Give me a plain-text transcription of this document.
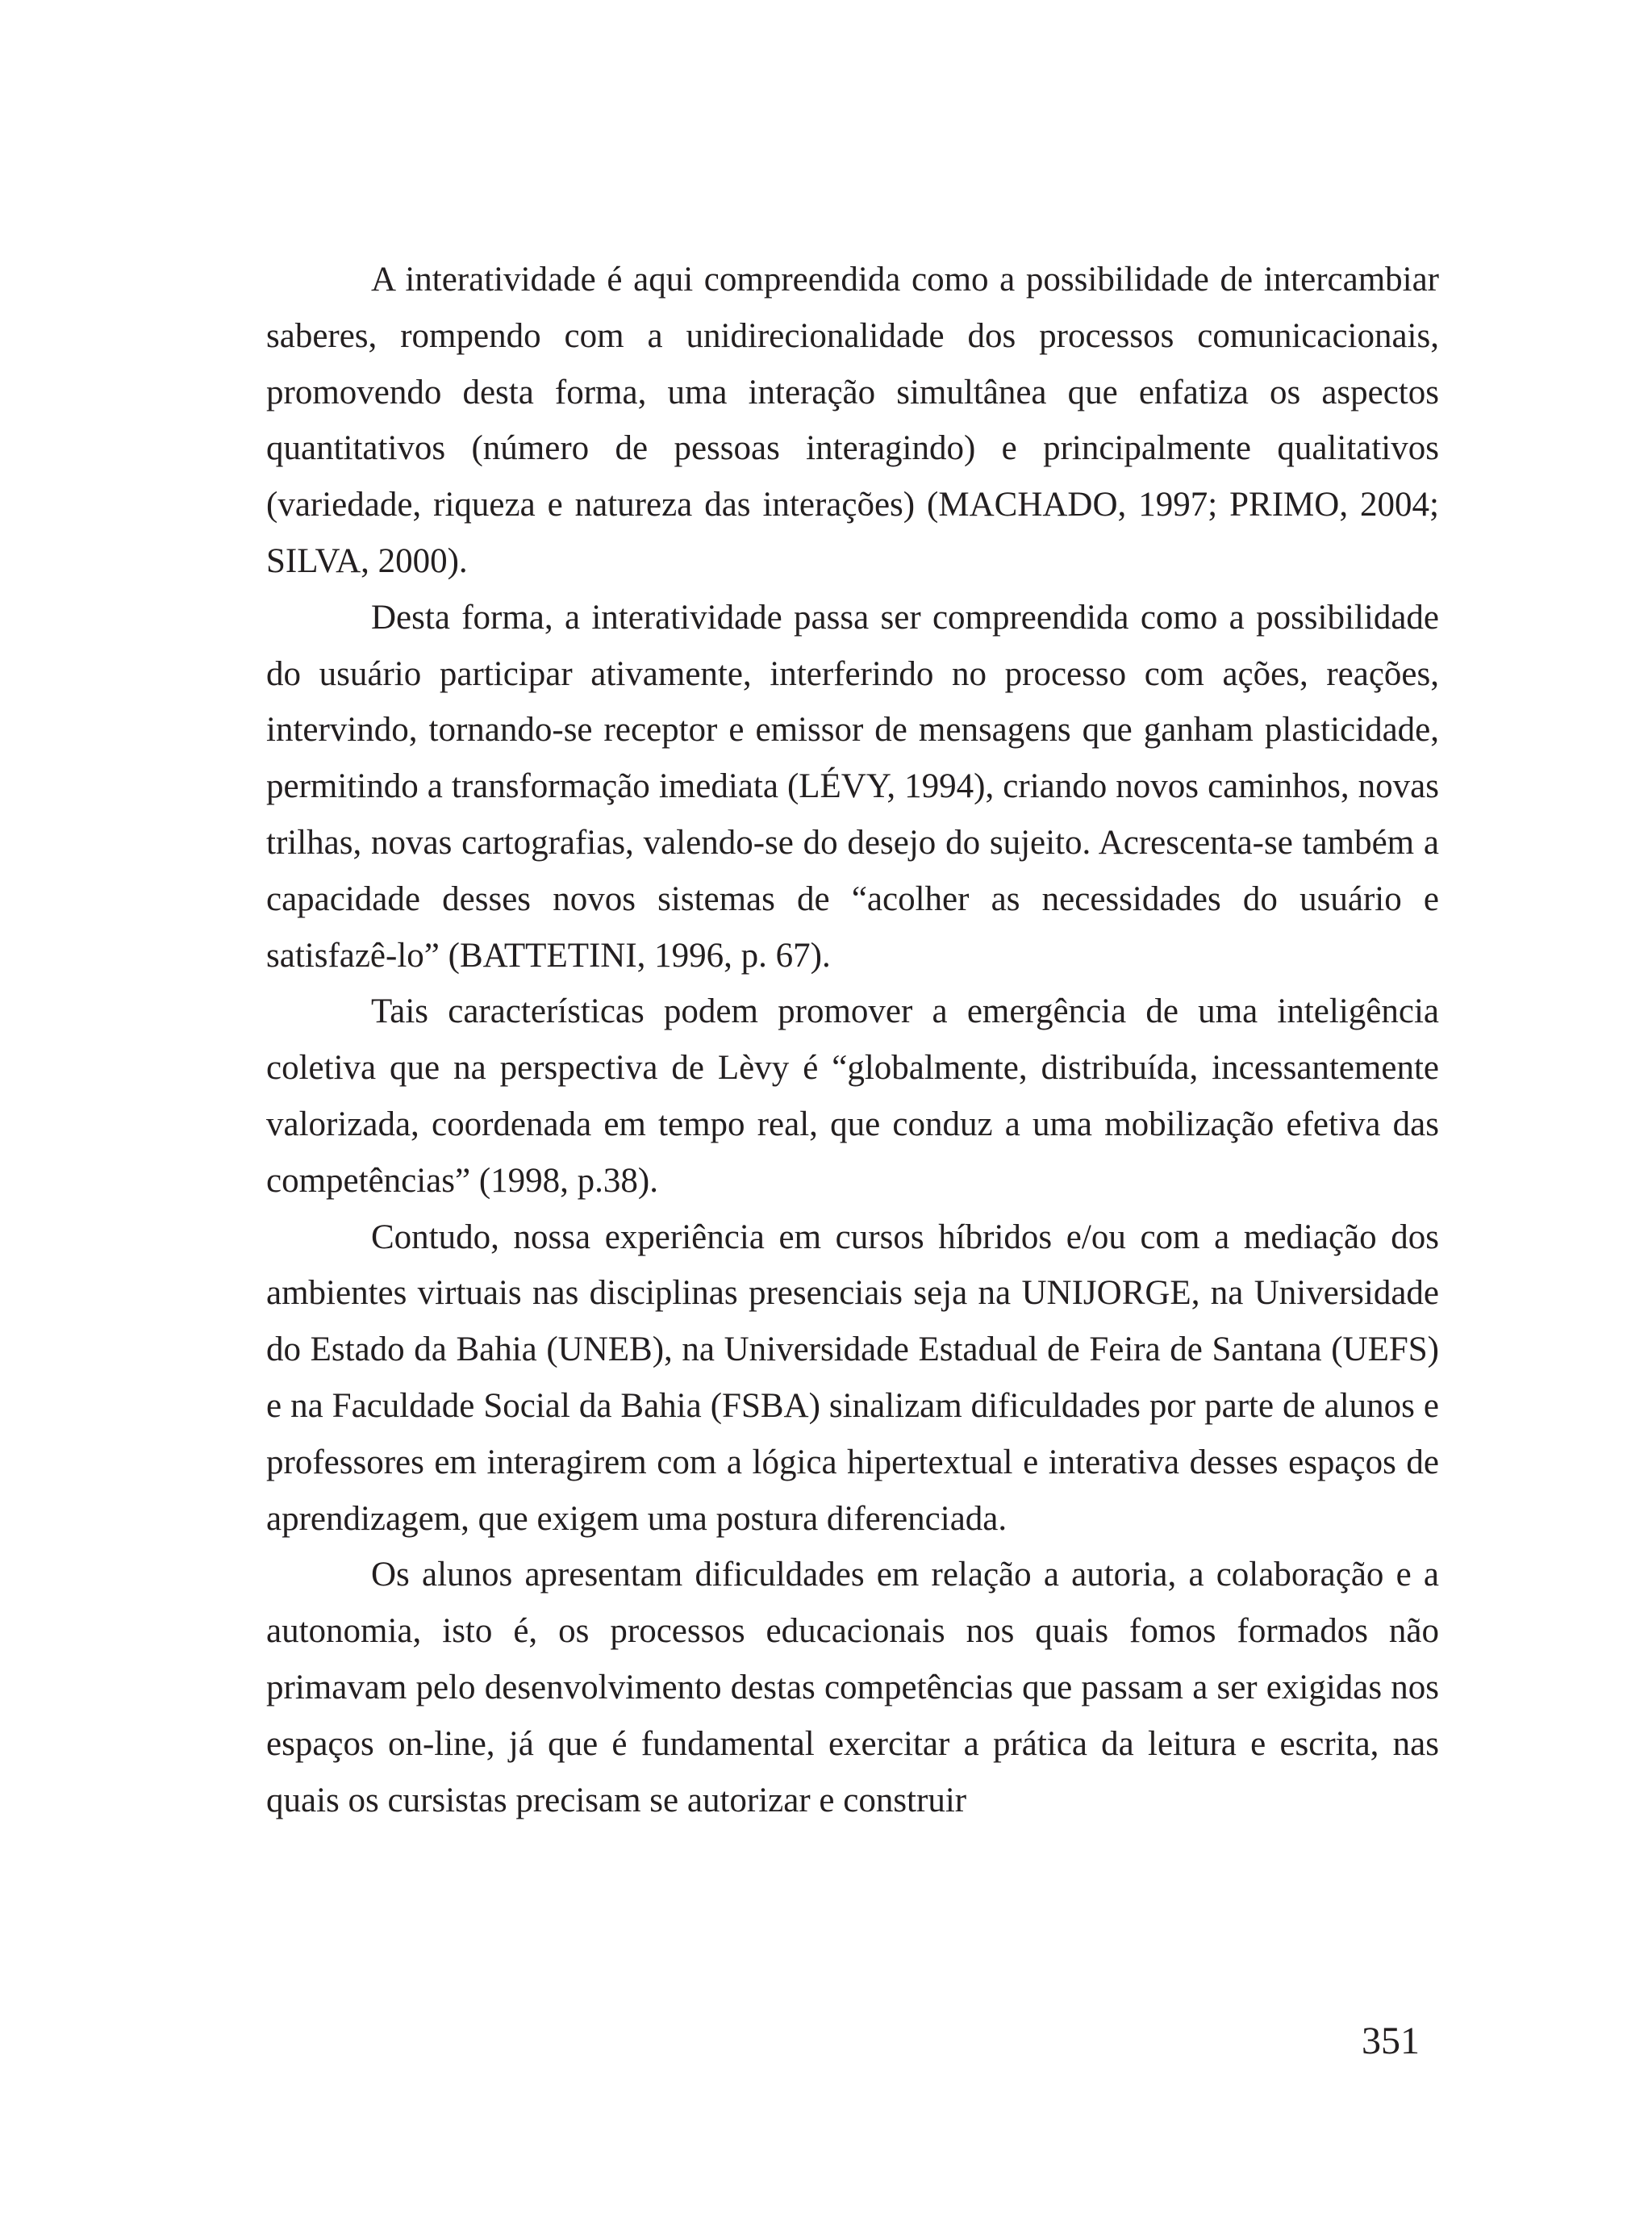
A interatividade é aqui compreendida como a possibilidade de intercambiar saberes, rompendo com a unidirecionalidade dos processos comunicacionais, promovendo desta forma, uma interação simultânea que enfatiza os aspectos quantitativos (número de pessoas interagindo) e principalmente qualitativos (variedade, riqueza e natureza das interações) (MACHADO, 1997; PRIMO, 2004; SILVA, 2000).

Desta forma, a interatividade passa ser compreendida como a possibilidade do usuário participar ativamente, interferindo no processo com ações, reações, intervindo, tornando-se receptor e emissor de mensagens que ganham plasticidade, permitindo a transformação imediata (LÉVY, 1994), criando novos caminhos, novas trilhas, novas cartografias, valendo-se do desejo do sujeito. Acrescenta-se também a capacidade desses novos sistemas de “acolher as necessidades do usuário e satisfazê-lo” (BATTETINI, 1996, p. 67).

Tais características podem promover a emergência de uma inteligência coletiva que na perspectiva de Lèvy é “globalmente, distribuída, incessantemente valorizada, coordenada em tempo real, que conduz a uma mobilização efetiva das competências” (1998, p.38).

Contudo, nossa experiência em cursos híbridos e/ou com a mediação dos ambientes virtuais nas disciplinas presenciais seja na UNIJORGE, na Universidade do Estado da Bahia (UNEB), na Universidade Estadual de Feira de Santana (UEFS) e na Faculdade Social da Bahia (FSBA) sinalizam dificuldades por parte de alunos e professores em interagirem com a lógica hipertextual e interativa desses espaços de aprendizagem, que exigem uma postura diferenciada.

Os alunos apresentam dificuldades em relação a autoria, a colaboração e a autonomia, isto é, os processos educacionais nos quais fomos formados não primavam pelo desenvolvimento destas competências que passam a ser exigidas nos espaços on-line, já que é fundamental exercitar a prática da leitura e escrita, nas quais os cursistas precisam se autorizar e construir

351
